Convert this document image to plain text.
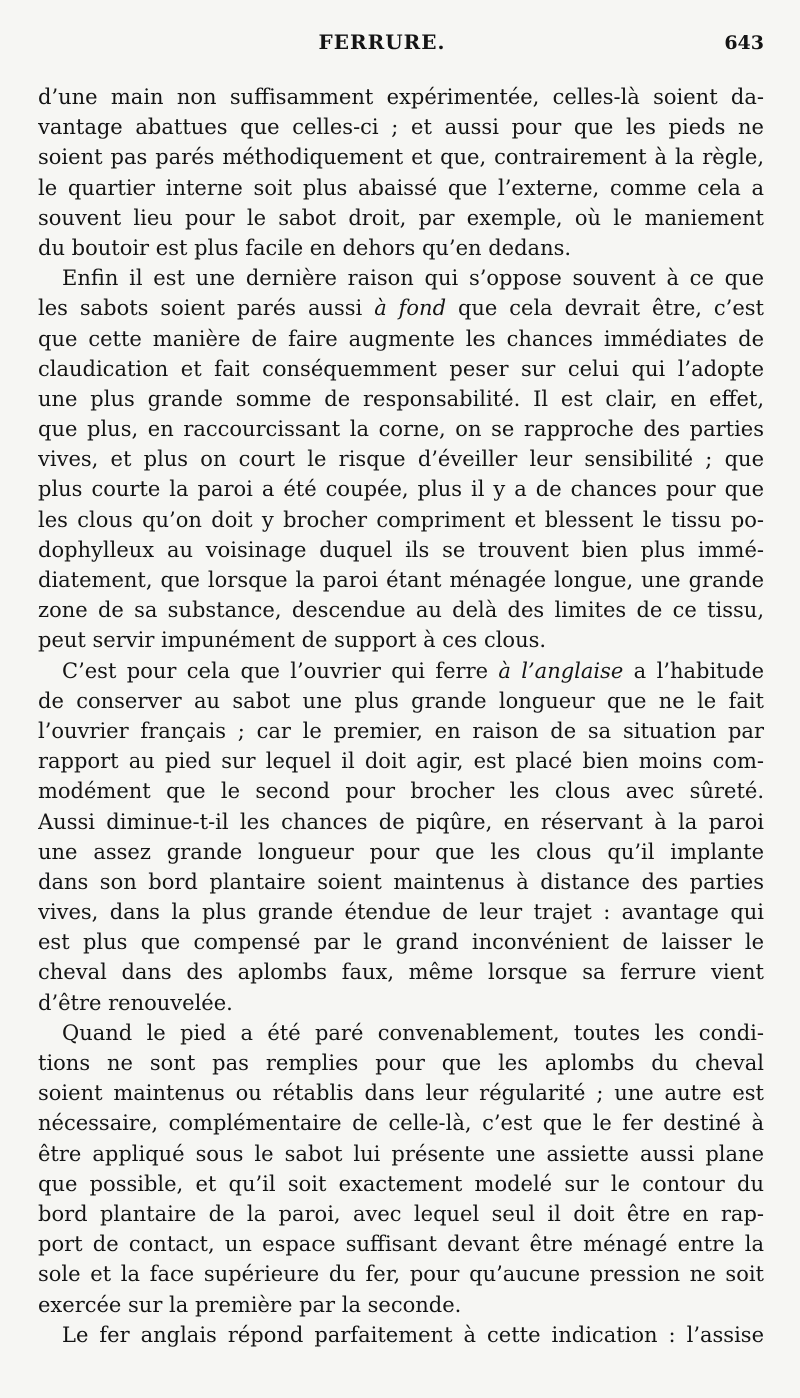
FERRURE.	643
d’une main non suffisamment expérimentée, celles-là soient da-
vantage abattues que celles-ci ; et aussi pour que les pieds ne
soient pas parés méthodiquement et que, contrairement à la règle,
le quartier interne soit plus abaissé que l’externe, comme cela a
souvent lieu pour le sabot droit, par exemple, où le maniement
du boutoir est plus facile en dehors qu’en dedans.
Enfin il est une dernière raison qui s’oppose souvent à ce que
les sabots soient parés aussi à fond que cela devrait être, c’est
que cette manière de faire augmente les chances immédiates de
claudication et fait conséquemment peser sur celui qui l’adopte
une plus grande somme de responsabilité. Il est clair, en effet,
que plus, en raccourcissant la corne, on se rapproche des parties
vives, et plus on court le risque d’éveiller leur sensibilité ; que
plus courte la paroi a été coupée, plus il y a de chances pour que
les clous qu’on doit y brocher compriment et blessent le tissu po-
dophylleux au voisinage duquel ils se trouvent bien plus immé-
diatement, que lorsque la paroi étant ménagée longue, une grande
zone de sa substance, descendue au delà des limites de ce tissu,
peut servir impunément de support à ces clous.
C’est pour cela que l’ouvrier qui ferre à l’anglaise a l’habitude
de conserver au sabot une plus grande longueur que ne le fait
l’ouvrier français ; car le premier, en raison de sa situation par
rapport au pied sur lequel il doit agir, est placé bien moins com-
modément que le second pour brocher les clous avec sûreté.
Aussi diminue-t-il les chances de piqûre, en réservant à la paroi
une assez grande longueur pour que les clous qu’il implante
dans son bord plantaire soient maintenus à distance des parties
vives, dans la plus grande étendue de leur trajet : avantage qui
est plus que compensé par le grand inconvénient de laisser le
cheval dans des aplombs faux, même lorsque sa ferrure vient
d’être renouvelée.
Quand le pied a été paré convenablement, toutes les condi-
tions ne sont pas remplies pour que les aplombs du cheval
soient maintenus ou rétablis dans leur régularité ; une autre est
nécessaire, complémentaire de celle-là, c’est que le fer destiné à
être appliqué sous le sabot lui présente une assiette aussi plane
que possible, et qu’il soit exactement modelé sur le contour du
bord plantaire de la paroi, avec lequel seul il doit être en rap-
port de contact, un espace suffisant devant être ménagé entre la
sole et la face supérieure du fer, pour qu’aucune pression ne soit
exercée sur la première par la seconde.
Le fer anglais répond parfaitement à cette indication : l’assise
